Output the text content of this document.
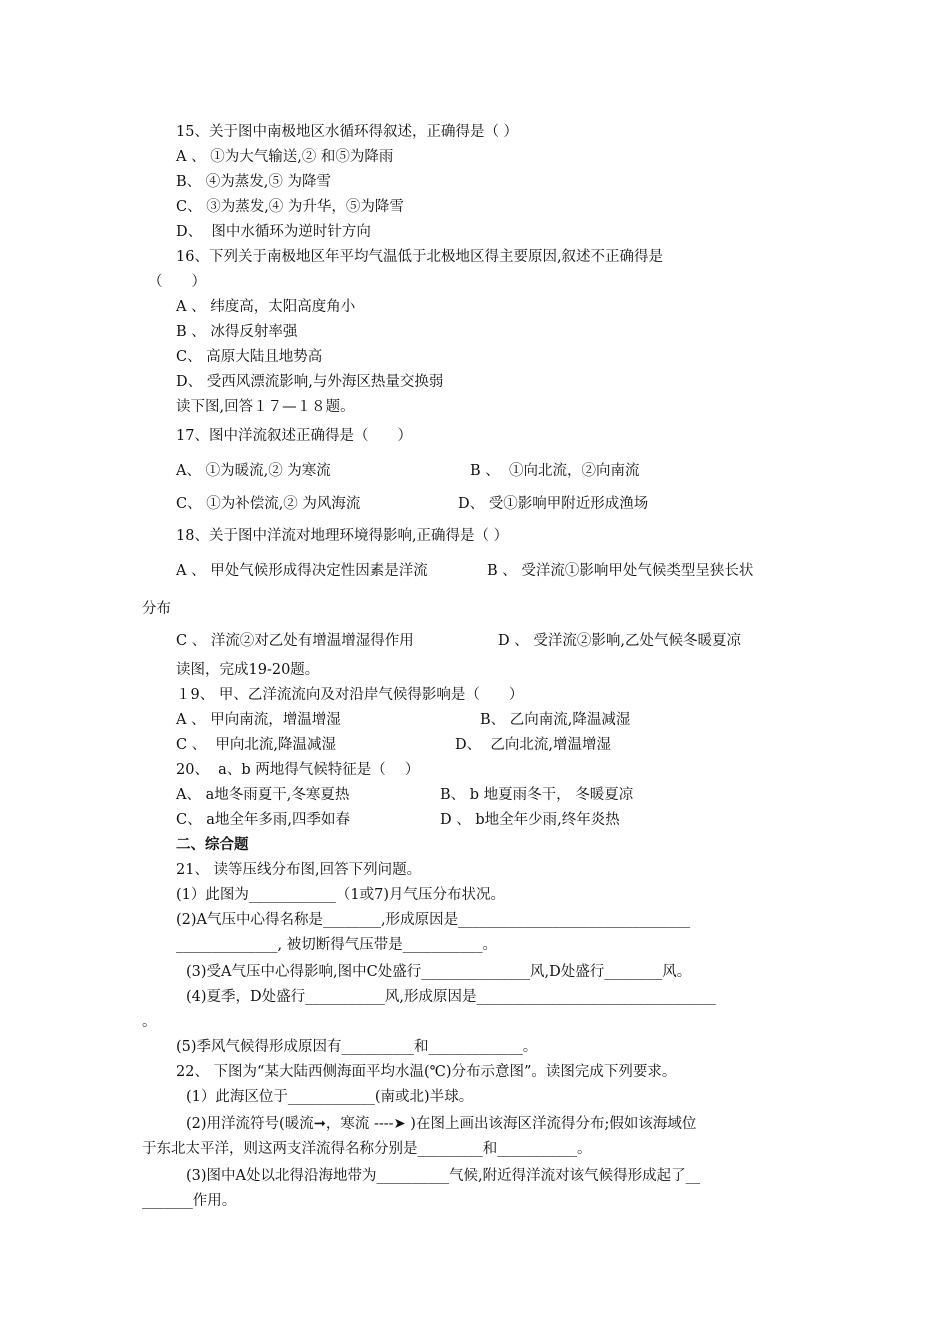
15、关于图中南极地区水循环得叙述，正确得是（ ）
A 、 ①为大气输送,② 和⑤为降雨
B、 ④为蒸发,⑤ 为降雪
C、 ③为蒸发,④ 为升华，⑤为降雪
D、  图中水循环为逆时针方向
16、下列关于南极地区年平均气温低于北极地区得主要原因,叙述不正确得是
（　　）
A 、 纬度高，太阳高度角小
B 、 冰得反射率强
C、 高原大陆且地势高
D、 受西风漂流影响,与外海区热量交换弱
读下图,回答１７—１８题。
17、图中洋流叙述正确得是（　　）
A、 ①为暖流,② 为寒流	B 、  ①向北流，②向南流
C、 ①为补偿流,② 为风海流	D、 受①影响甲附近形成渔场
18、关于图中洋流对地理环境得影响,正确得是（ ）
A 、 甲处气候形成得决定性因素是洋流	B 、 受洋流①影响甲处气候类型呈狭长状
分布
C 、 洋流②对乙处有增温增湿得作用	D 、 受洋流②影响,乙处气候冬暖夏凉
读图，完成19-20题。
１9、 甲、乙洋流流向及对沿岸气候得影响是（　　）
A 、 甲向南流，增温增湿	B、 乙向南流,降温减湿
C 、  甲向北流,降温减湿	D、  乙向北流,增温增湿
20、  a、b 两地得气候特征是（　 ）
A、 a地冬雨夏干,冬寒夏热	B、 b 地夏雨冬干， 冬暖夏凉
C、 a地全年多雨,四季如春	D 、 b地全年少雨,终年炎热
二、综合题
21、 读等压线分布图,回答下列问题。
(1）此图为____________（1或7)月气压分布状况。
(2)A气压中心得名称是________,形成原因是________________________________
______________, 被切断得气压带是___________。
(3)受A气压中心得影响,图中C处盛行_______________风,D处盛行________风。
(4)夏季，D处盛行___________风,形成原因是_________________________________
。
(5)季风气候得形成原因有__________和_____________。
22、 下图为“某大陆西侧海面平均水温(℃)分布示意图”。读图完成下列要求。
(1）此海区位于____________(南或北)半球。
(2)用洋流符号(暖流➞，寒流 ----➤ )在图上画出该海区洋流得分布;假如该海域位
于东北太平洋，则这两支洋流得名称分别是_________和___________。
(3)图中A处以北得沿海地带为__________气候,附近得洋流对该气候得形成起了__
_______作用。
